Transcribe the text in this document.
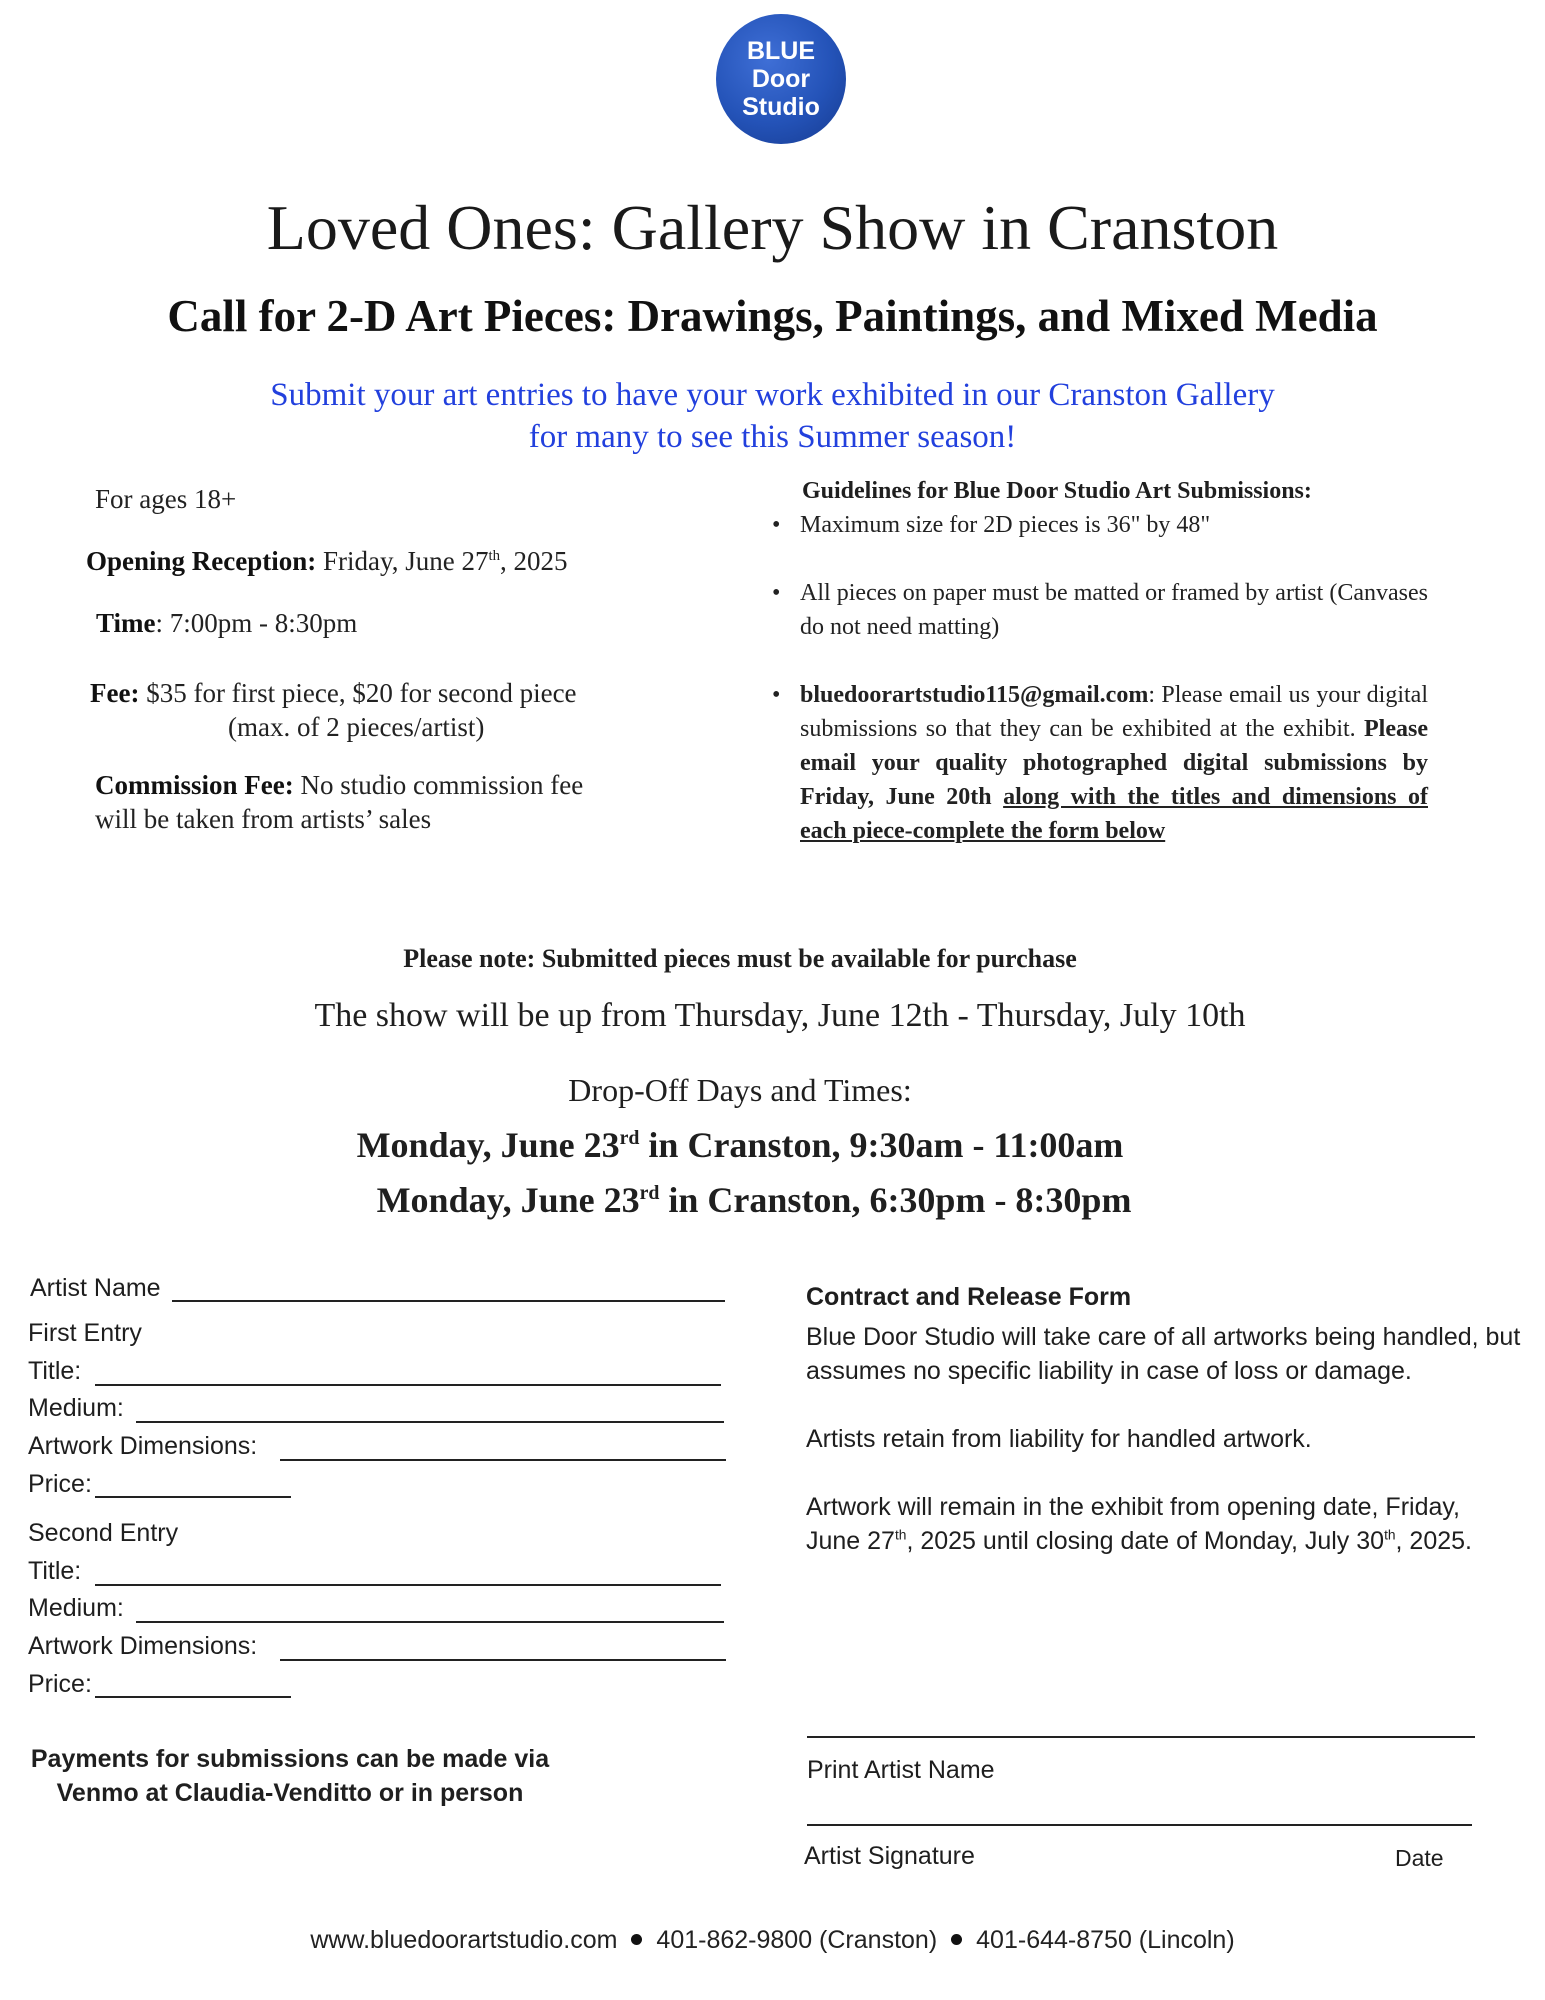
BLUE
Door
Studio
Loved Ones: Gallery Show in Cranston
Call for 2-D Art Pieces: Drawings, Paintings, and Mixed Media
Submit your art entries to have your work exhibited in our Cranston Gallery
for many to see this Summer season!
For ages 18+
Opening Reception: Friday, June 27th, 2025
Time: 7:00pm - 8:30pm
Fee: $35 for first piece, $20 for second piece
(max. of 2 pieces/artist)
Commission Fee: No studio commission fee
will be taken from artists’ sales
Guidelines for Blue Door Studio Art Submissions:
• Maximum size for 2D pieces is 36" by 48"
• All pieces on paper must be matted or framed by artist (Canvases do not need matting)
• bluedoorartstudio115@gmail.com: Please email us your digital submissions so that they can be exhibited at the exhibit. Please email your quality photographed digital submissions by Friday, June 20th along with the titles and dimensions of each piece-complete the form below
Please note: Submitted pieces must be available for purchase
The show will be up from Thursday, June 12th - Thursday, July 10th
Drop-Off Days and Times:
Monday, June 23rd in Cranston, 9:30am - 11:00am
Monday, June 23rd in Cranston, 6:30pm - 8:30pm
Artist Name
First Entry
Title:
Medium:
Artwork Dimensions:
Price:
Second Entry
Title:
Medium:
Artwork Dimensions:
Price:
Payments for submissions can be made via Venmo at Claudia-Venditto or in person
Contract and Release Form

Blue Door Studio will take care of all artworks being handled, but assumes no specific liability in case of loss or damage.

Artists retain from liability for handled artwork.

Artwork will remain in the exhibit from opening date, Friday, June 27th, 2025 until closing date of Monday, July 30th, 2025.

Print Artist Name
Artist Signature	Date
www.bluedoorartstudio.com 401-862-9800 (Cranston) 401-644-8750 (Lincoln)
